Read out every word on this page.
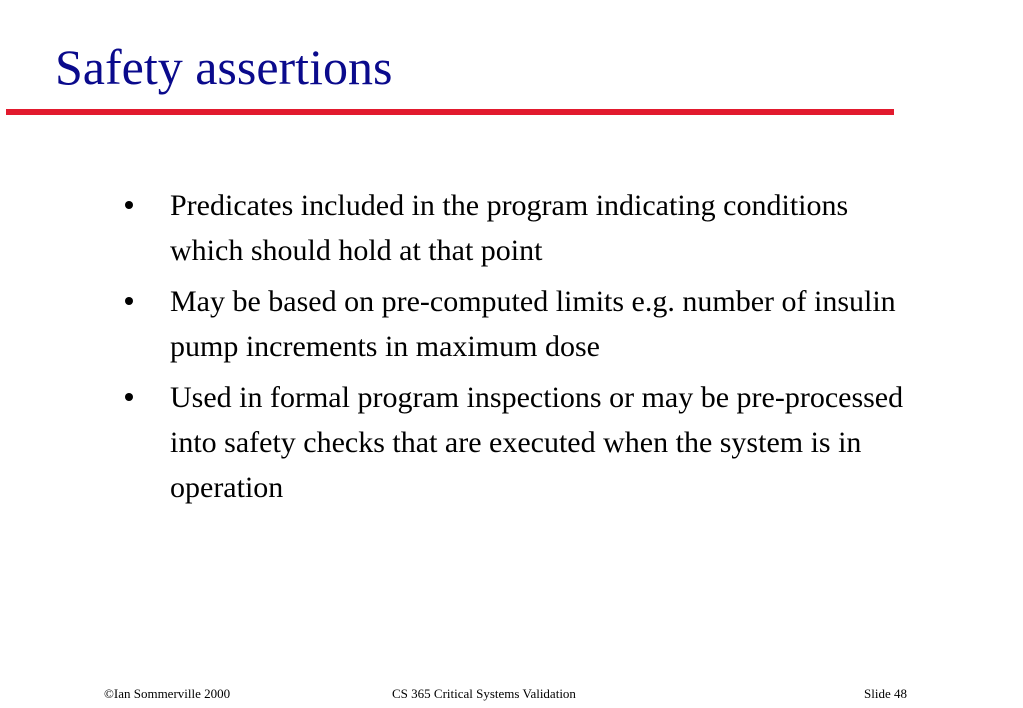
Safety assertions
Predicates included in the program indicating conditions which should hold at that point
May be based on pre-computed limits e.g. number of insulin pump increments in maximum dose
Used in formal program inspections or may be pre-processed into safety checks that are executed when the system is in operation
©Ian Sommerville 2000	CS 365 Critical Systems Validation	Slide 48
